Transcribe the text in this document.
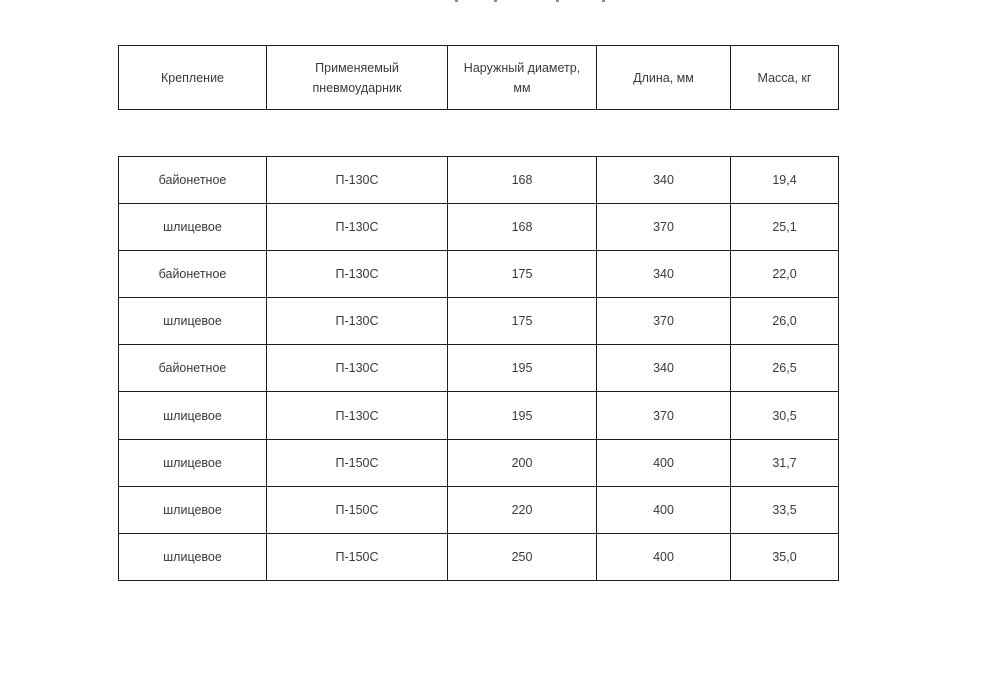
Крепление	Применяемый пневмоударник	Наружный диаметр, мм	Длина, мм	Масса, кг
байонетное	П-130С	168	340	19,4
шлицевое	П-130С	168	370	25,1
байонетное	П-130С	175	340	22,0
шлицевое	П-130С	175	370	26,0
байонетное	П-130С	195	340	26,5
шлицевое	П-130С	195	370	30,5
шлицевое	П-150С	200	400	31,7
шлицевое	П-150С	220	400	33,5
шлицевое	П-150С	250	400	35,0
